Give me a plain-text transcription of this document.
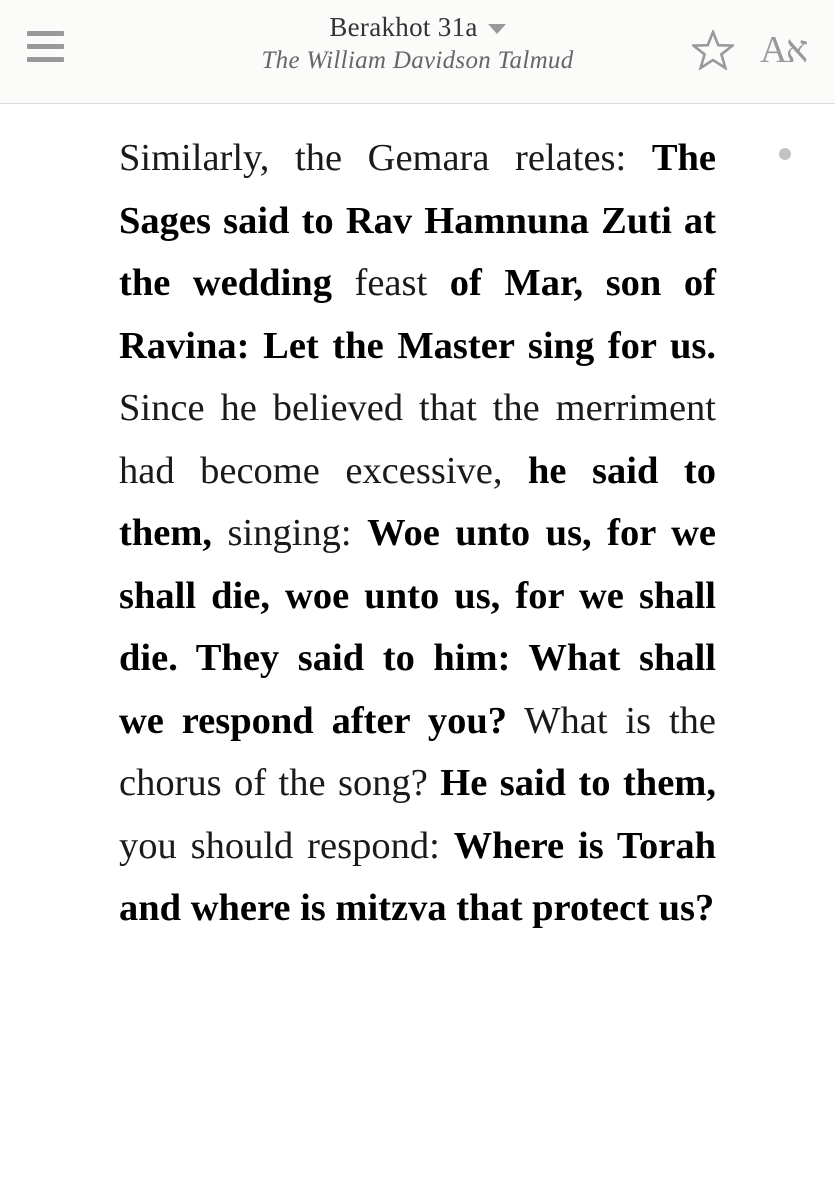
Berakhot 31a
The William Davidson Talmud	Aא

Similarly, the Gemara relates: The Sages said to Rav Hamnuna Zuti at the wedding feast of Mar, son of Ravina: Let the Master sing for us. Since he believed that the merriment had become excessive, he said to them, singing: Woe unto us, for we shall die, woe unto us, for we shall die. They said to him: What shall we respond after you? What is the chorus of the song? He said to them, you should respond: Where is Torah and where is mitzva that protect us?
